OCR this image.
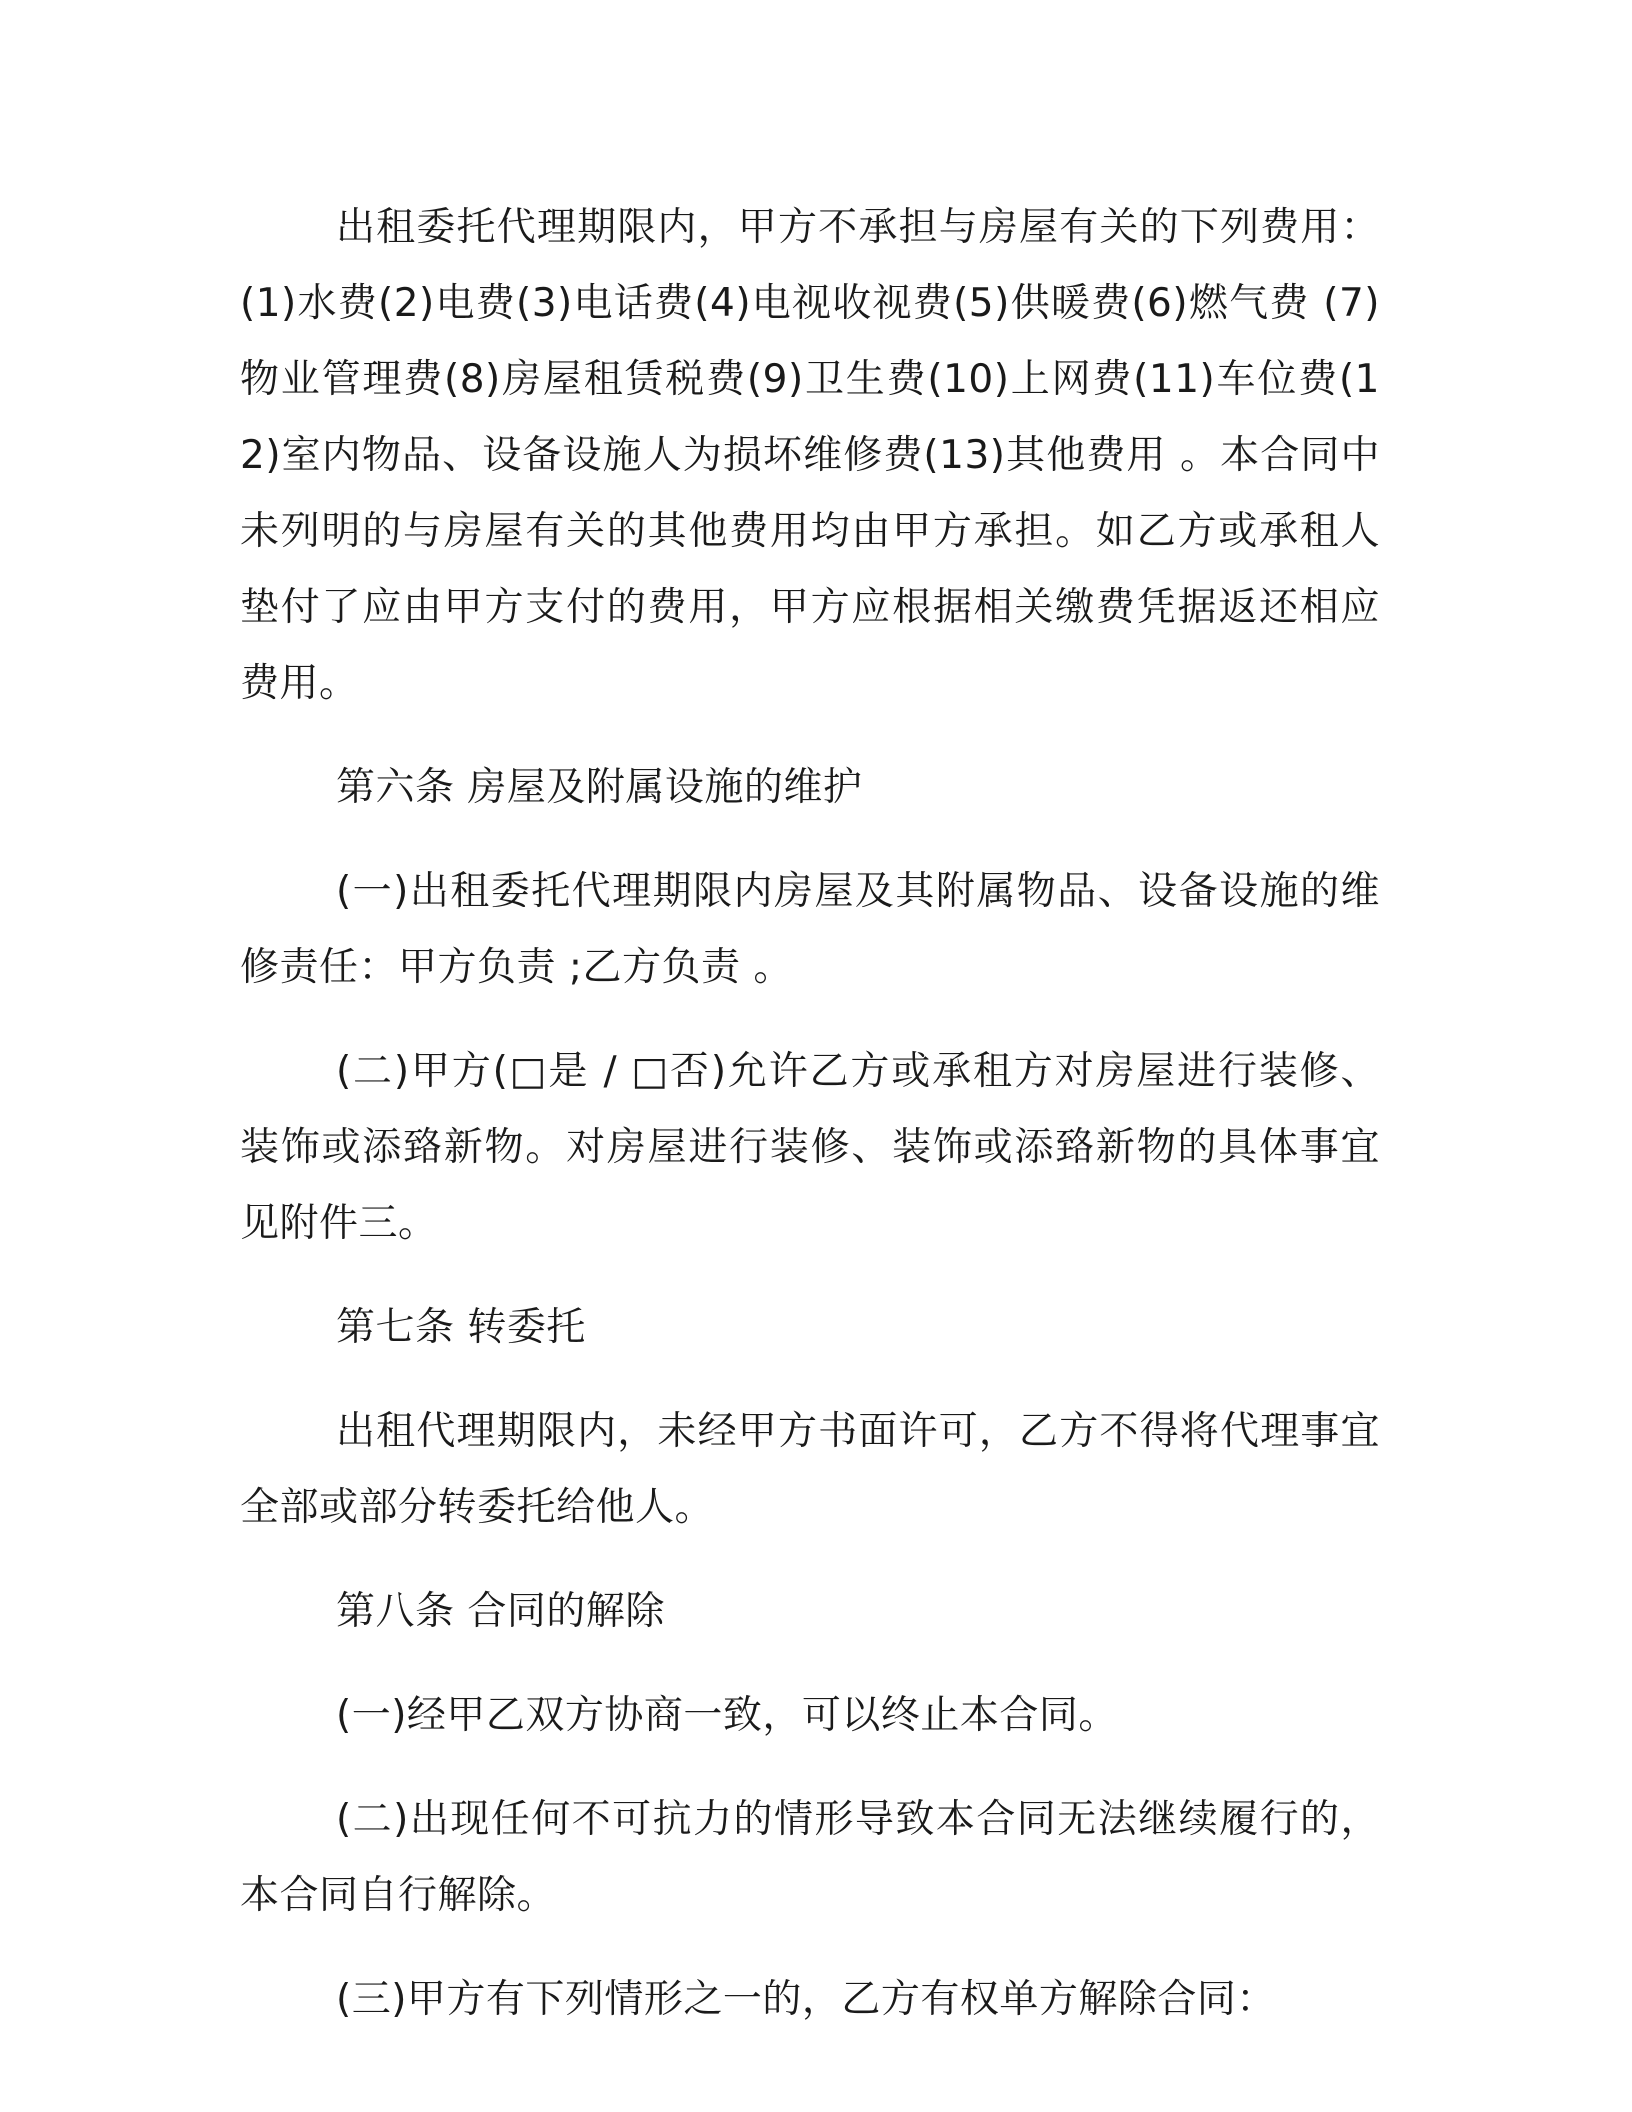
出租委托代理期限内，甲方不承担与房屋有关的下列费用： (1)水费(2)电费(3)电话费(4)电视收视费(5)供暖费(6)燃气费 (7)物业管理费(8)房屋租赁税费(9)卫生费(10)上网费(11)车位费(12)室内物品、设备设施人为损坏维修费(13)其他费用 。本合同中未列明的与房屋有关的其他费用均由甲方承担。如乙方或承租人垫付了应由甲方支付的费用，甲方应根据相关缴费凭据返还相应费用。

第六条 房屋及附属设施的维护

(一)出租委托代理期限内房屋及其附属物品、设备设施的维修责任：甲方负责 ;乙方负责 。

(二)甲方(□是 / □否)允许乙方或承租方对房屋进行装修、装饰或添臵新物。对房屋进行装修、装饰或添臵新物的具体事宜见附件三。

第七条 转委托

出租代理期限内，未经甲方书面许可，乙方不得将代理事宜全部或部分转委托给他人。

第八条 合同的解除

(一)经甲乙双方协商一致，可以终止本合同。

(二)出现任何不可抗力的情形导致本合同无法继续履行的，本合同自行解除。

(三)甲方有下列情形之一的，乙方有权单方解除合同：
